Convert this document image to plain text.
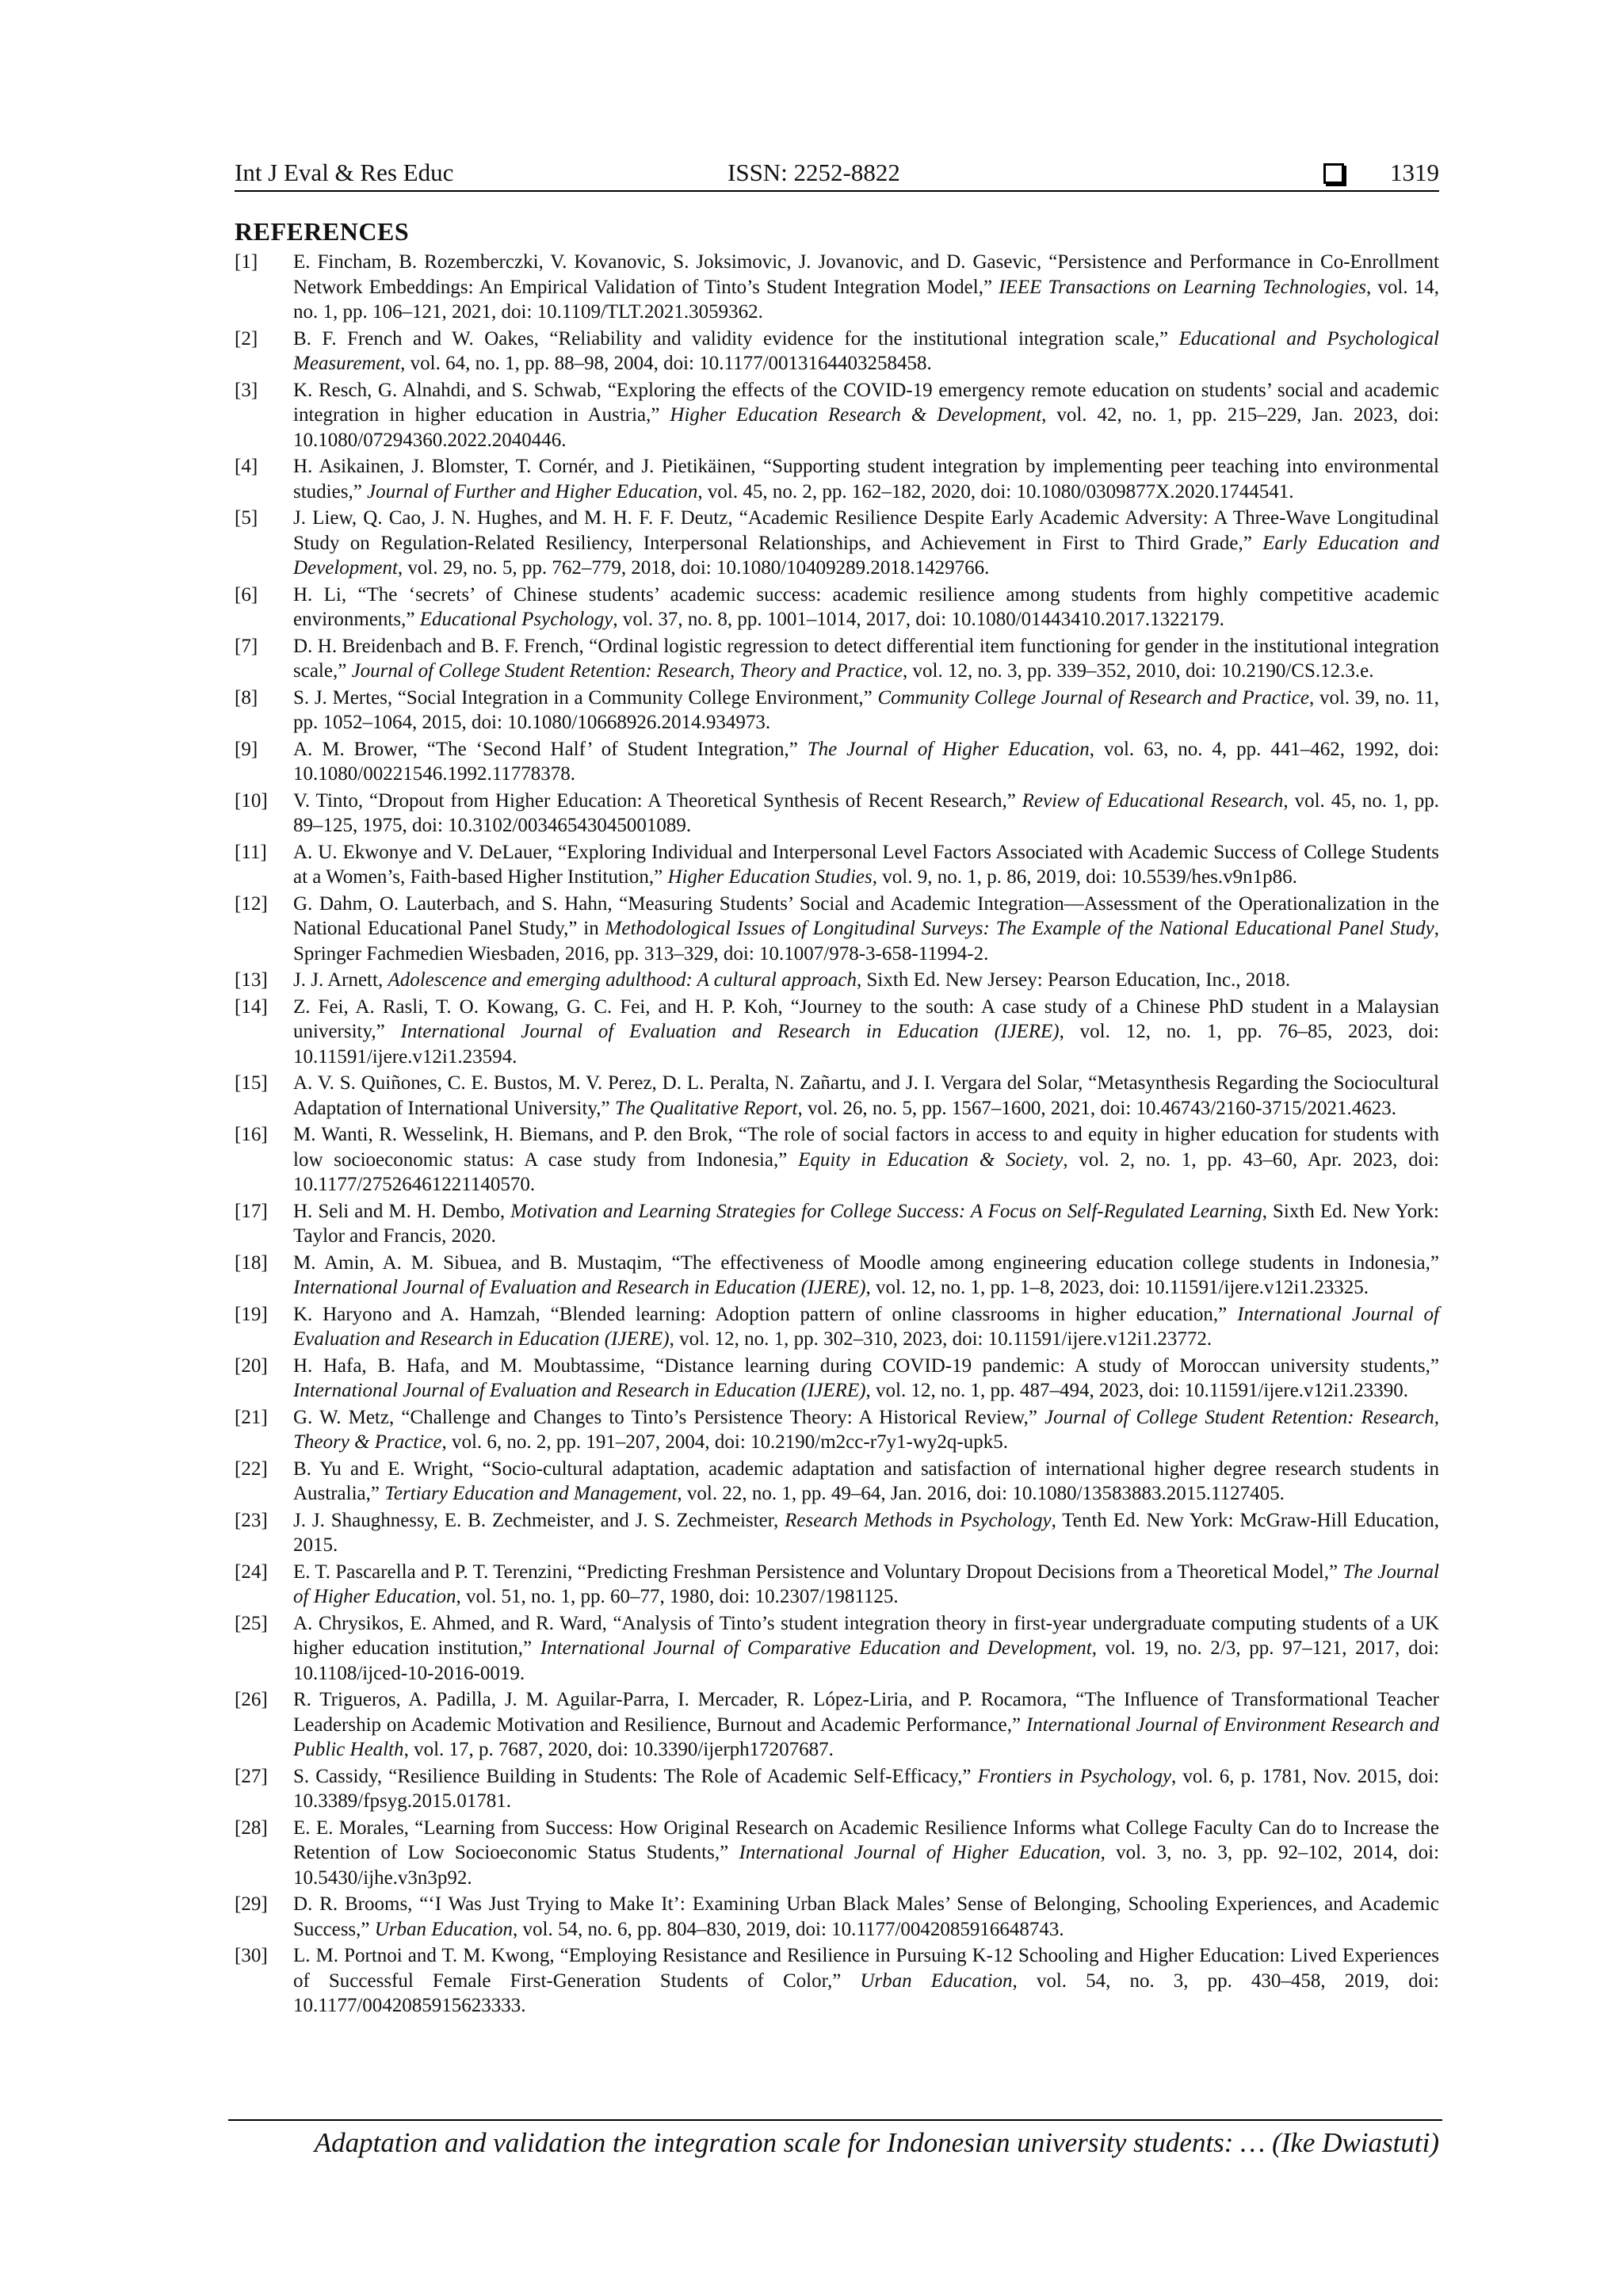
Int J Eval & Res Educ	ISSN: 2252-8822	1319
REFERENCES
[1]	E. Fincham, B. Rozemberczki, V. Kovanovic, S. Joksimovic, J. Jovanovic, and D. Gasevic, “Persistence and Performance in Co-Enrollment Network Embeddings: An Empirical Validation of Tinto’s Student Integration Model,” IEEE Transactions on Learning Technologies, vol. 14, no. 1, pp. 106–121, 2021, doi: 10.1109/TLT.2021.3059362.
[2]	B. F. French and W. Oakes, “Reliability and validity evidence for the institutional integration scale,” Educational and Psychological Measurement, vol. 64, no. 1, pp. 88–98, 2004, doi: 10.1177/0013164403258458.
[3]	K. Resch, G. Alnahdi, and S. Schwab, “Exploring the effects of the COVID-19 emergency remote education on students’ social and academic integration in higher education in Austria,” Higher Education Research & Development, vol. 42, no. 1, pp. 215–229, Jan. 2023, doi: 10.1080/07294360.2022.2040446.
[4]	H. Asikainen, J. Blomster, T. Cornér, and J. Pietikäinen, “Supporting student integration by implementing peer teaching into environmental studies,” Journal of Further and Higher Education, vol. 45, no. 2, pp. 162–182, 2020, doi: 10.1080/0309877X.2020.1744541.
[5]	J. Liew, Q. Cao, J. N. Hughes, and M. H. F. F. Deutz, “Academic Resilience Despite Early Academic Adversity: A Three-Wave Longitudinal Study on Regulation-Related Resiliency, Interpersonal Relationships, and Achievement in First to Third Grade,” Early Education and Development, vol. 29, no. 5, pp. 762–779, 2018, doi: 10.1080/10409289.2018.1429766.
[6]	H. Li, “The ‘secrets’ of Chinese students’ academic success: academic resilience among students from highly competitive academic environments,” Educational Psychology, vol. 37, no. 8, pp. 1001–1014, 2017, doi: 10.1080/01443410.2017.1322179.
[7]	D. H. Breidenbach and B. F. French, “Ordinal logistic regression to detect differential item functioning for gender in the institutional integration scale,” Journal of College Student Retention: Research, Theory and Practice, vol. 12, no. 3, pp. 339–352, 2010, doi: 10.2190/CS.12.3.e.
[8]	S. J. Mertes, “Social Integration in a Community College Environment,” Community College Journal of Research and Practice, vol. 39, no. 11, pp. 1052–1064, 2015, doi: 10.1080/10668926.2014.934973.
[9]	A. M. Brower, “The ‘Second Half’ of Student Integration,” The Journal of Higher Education, vol. 63, no. 4, pp. 441–462, 1992, doi: 10.1080/00221546.1992.11778378.
[10]	V. Tinto, “Dropout from Higher Education: A Theoretical Synthesis of Recent Research,” Review of Educational Research, vol. 45, no. 1, pp. 89–125, 1975, doi: 10.3102/00346543045001089.
[11]	A. U. Ekwonye and V. DeLauer, “Exploring Individual and Interpersonal Level Factors Associated with Academic Success of College Students at a Women’s, Faith-based Higher Institution,” Higher Education Studies, vol. 9, no. 1, p. 86, 2019, doi: 10.5539/hes.v9n1p86.
[12]	G. Dahm, O. Lauterbach, and S. Hahn, “Measuring Students’ Social and Academic Integration—Assessment of the Operationalization in the National Educational Panel Study,” in Methodological Issues of Longitudinal Surveys: The Example of the National Educational Panel Study, Springer Fachmedien Wiesbaden, 2016, pp. 313–329, doi: 10.1007/978-3-658-11994-2.
[13]	J. J. Arnett, Adolescence and emerging adulthood: A cultural approach, Sixth Ed. New Jersey: Pearson Education, Inc., 2018.
[14]	Z. Fei, A. Rasli, T. O. Kowang, G. C. Fei, and H. P. Koh, “Journey to the south: A case study of a Chinese PhD student in a Malaysian university,” International Journal of Evaluation and Research in Education (IJERE), vol. 12, no. 1, pp. 76–85, 2023, doi: 10.11591/ijere.v12i1.23594.
[15]	A. V. S. Quiñones, C. E. Bustos, M. V. Perez, D. L. Peralta, N. Zañartu, and J. I. Vergara del Solar, “Metasynthesis Regarding the Sociocultural Adaptation of International University,” The Qualitative Report, vol. 26, no. 5, pp. 1567–1600, 2021, doi: 10.46743/2160-3715/2021.4623.
[16]	M. Wanti, R. Wesselink, H. Biemans, and P. den Brok, “The role of social factors in access to and equity in higher education for students with low socioeconomic status: A case study from Indonesia,” Equity in Education & Society, vol. 2, no. 1, pp. 43–60, Apr. 2023, doi: 10.1177/27526461221140570.
[17]	H. Seli and M. H. Dembo, Motivation and Learning Strategies for College Success: A Focus on Self-Regulated Learning, Sixth Ed. New York: Taylor and Francis, 2020.
[18]	M. Amin, A. M. Sibuea, and B. Mustaqim, “The effectiveness of Moodle among engineering education college students in Indonesia,” International Journal of Evaluation and Research in Education (IJERE), vol. 12, no. 1, pp. 1–8, 2023, doi: 10.11591/ijere.v12i1.23325.
[19]	K. Haryono and A. Hamzah, “Blended learning: Adoption pattern of online classrooms in higher education,” International Journal of Evaluation and Research in Education (IJERE), vol. 12, no. 1, pp. 302–310, 2023, doi: 10.11591/ijere.v12i1.23772.
[20]	H. Hafa, B. Hafa, and M. Moubtassime, “Distance learning during COVID-19 pandemic: A study of Moroccan university students,” International Journal of Evaluation and Research in Education (IJERE), vol. 12, no. 1, pp. 487–494, 2023, doi: 10.11591/ijere.v12i1.23390.
[21]	G. W. Metz, “Challenge and Changes to Tinto’s Persistence Theory: A Historical Review,” Journal of College Student Retention: Research, Theory & Practice, vol. 6, no. 2, pp. 191–207, 2004, doi: 10.2190/m2cc-r7y1-wy2q-upk5.
[22]	B. Yu and E. Wright, “Socio-cultural adaptation, academic adaptation and satisfaction of international higher degree research students in Australia,” Tertiary Education and Management, vol. 22, no. 1, pp. 49–64, Jan. 2016, doi: 10.1080/13583883.2015.1127405.
[23]	J. J. Shaughnessy, E. B. Zechmeister, and J. S. Zechmeister, Research Methods in Psychology, Tenth Ed. New York: McGraw-Hill Education, 2015.
[24]	E. T. Pascarella and P. T. Terenzini, “Predicting Freshman Persistence and Voluntary Dropout Decisions from a Theoretical Model,” The Journal of Higher Education, vol. 51, no. 1, pp. 60–77, 1980, doi: 10.2307/1981125.
[25]	A. Chrysikos, E. Ahmed, and R. Ward, “Analysis of Tinto’s student integration theory in first-year undergraduate computing students of a UK higher education institution,” International Journal of Comparative Education and Development, vol. 19, no. 2/3, pp. 97–121, 2017, doi: 10.1108/ijced-10-2016-0019.
[26]	R. Trigueros, A. Padilla, J. M. Aguilar-Parra, I. Mercader, R. López-Liria, and P. Rocamora, “The Influence of Transformational Teacher Leadership on Academic Motivation and Resilience, Burnout and Academic Performance,” International Journal of Environment Research and Public Health, vol. 17, p. 7687, 2020, doi: 10.3390/ijerph17207687.
[27]	S. Cassidy, “Resilience Building in Students: The Role of Academic Self-Efficacy,” Frontiers in Psychology, vol. 6, p. 1781, Nov. 2015, doi: 10.3389/fpsyg.2015.01781.
[28]	E. E. Morales, “Learning from Success: How Original Research on Academic Resilience Informs what College Faculty Can do to Increase the Retention of Low Socioeconomic Status Students,” International Journal of Higher Education, vol. 3, no. 3, pp. 92–102, 2014, doi: 10.5430/ijhe.v3n3p92.
[29]	D. R. Brooms, “‘I Was Just Trying to Make It’: Examining Urban Black Males’ Sense of Belonging, Schooling Experiences, and Academic Success,” Urban Education, vol. 54, no. 6, pp. 804–830, 2019, doi: 10.1177/0042085916648743.
[30]	L. M. Portnoi and T. M. Kwong, “Employing Resistance and Resilience in Pursuing K-12 Schooling and Higher Education: Lived Experiences of Successful Female First-Generation Students of Color,” Urban Education, vol. 54, no. 3, pp. 430–458, 2019, doi: 10.1177/0042085915623333.
Adaptation and validation the integration scale for Indonesian university students: … (Ike Dwiastuti)
